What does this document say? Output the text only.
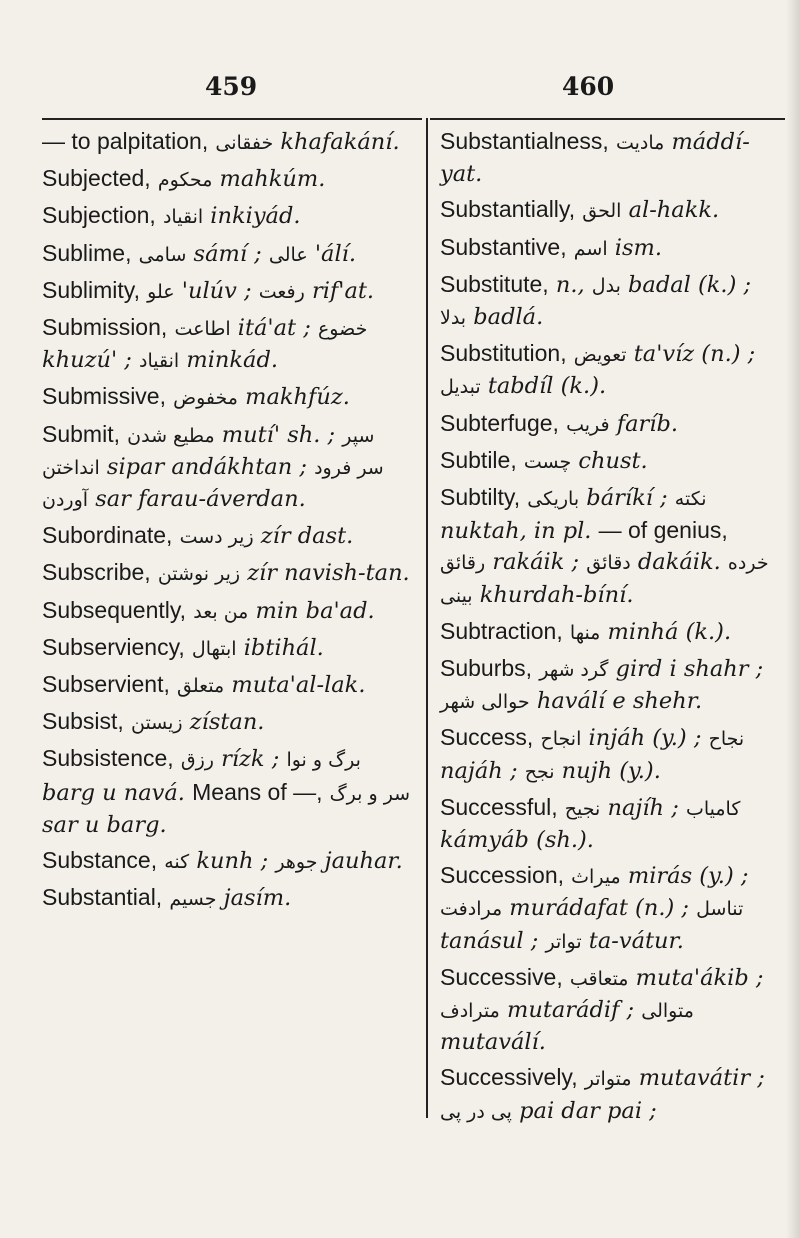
459	460
— to palpitation, خفقانی khafakání.
Subjected, محکوم mahkúm.
Subjection, انقیاد inkiyád.
Sublime, سامی sámí ; عالی 'álí.
Sublimity, علو 'ulúv ; رفعت rif'at.
Submission, اطاعت itá'at ; خضوع khuzú' ; انقیاد minkád.
Submissive, مخفوض makhfúz.
Submit, مطیع شدن mutí' sh. ; سپر انداختن sipar andákhtan ; سر فرود آوردن sar farau-áverdan.
Subordinate, زیر دست zír dast.
Subscribe, زیر نوشتن zír navish-tan.
Subsequently, من بعد min ba'ad.
Subserviency, ابتهال ibtihál.
Subservient, متعلق muta'al-lak.
Subsist, زیستن zístan.
Subsistence, رزق rízk ; برگ و نوا barg u navá. Means of —, سر و برگ sar u barg.
Substance, کنه kunh ; جوهر jauhar.
Substantial, جسیم jasím.
Substantialness, مادیت máddí-yat.
Substantially, الحق al-hakk.
Substantive, اسم ism.
Substitute, n., بدل badal (k.) ; بدلا badlá.
Substitution, تعویض ta'víz (n.) ; تبدیل tabdíl (k.).
Subterfuge, فریب faríb.
Subtile, چست chust.
Subtilty, باریکی báríkí ; نکته nuktah, in pl. — of genius, رقائق rakáik ; دقائق dakáik. خرده بینی khurdah-bíní.
Subtraction, منها minhá (k.).
Suburbs, گرد شهر gird i shahr ; حوالی شهر haválí e shehr.
Success, انجاح injáh (y.) ; نجاح najáh ; نجح nujh (y.).
Successful, نجیح najíh ; کامیاب kámyáb (sh.).
Succession, میراث mirás (y.) ; مرادفت murádafat (n.) ; تناسل tanásul ; تواتر ta-vátur.
Successive, متعاقب muta'ákib ; مترادف mutarádif ; متوالی mutaválí.
Successively, متواتر mutavátir ; پی در پی pai dar pai ;
